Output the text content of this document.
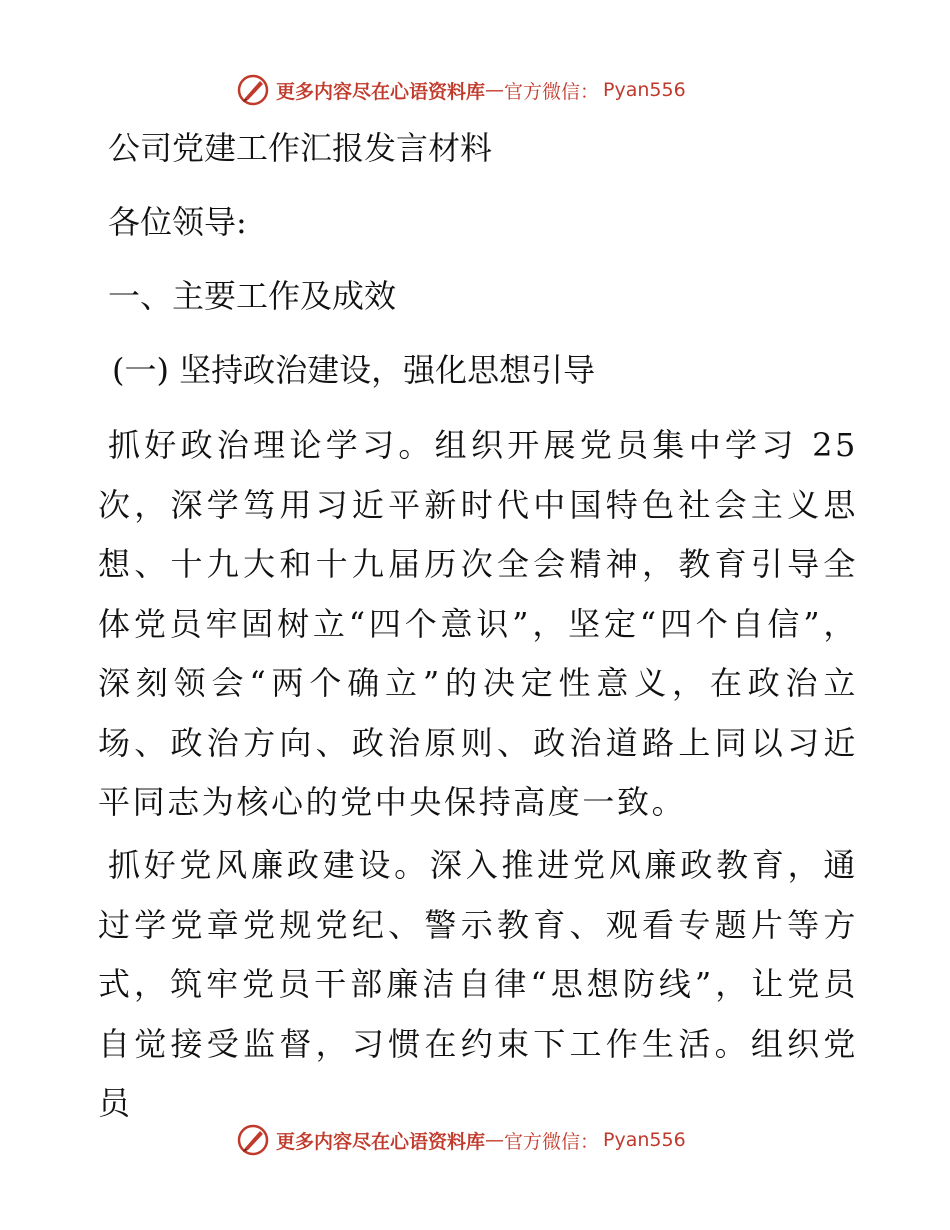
更多内容尽在心语资料库 — 官方微信： Pyan556
公司党建工作汇报发言材料
各位领导:
一、主要工作及成效
(一) 坚持政治建设，强化思想引导
抓好政治理论学习。组织开展党员集中学习 25 次，深学笃用习近平新时代中国特色社会主义思想、十九大和十九届历次全会精神，教育引导全体党员牢固树立“四个意识”，坚定“四个自信”，深刻领会“两个确立”的决定性意义，在政治立场、政治方向、政治原则、政治道路上同以习近平同志为核心的党中央保持高度一致。
抓好党风廉政建设。深入推进党风廉政教育，通过学党章党规党纪、警示教育、观看专题片等方式，筑牢党员干部廉洁自律“思想防线”，让党员自觉接受监督，习惯在约束下工作生活。组织党员
更多内容尽在心语资料库 — 官方微信： Pyan556
